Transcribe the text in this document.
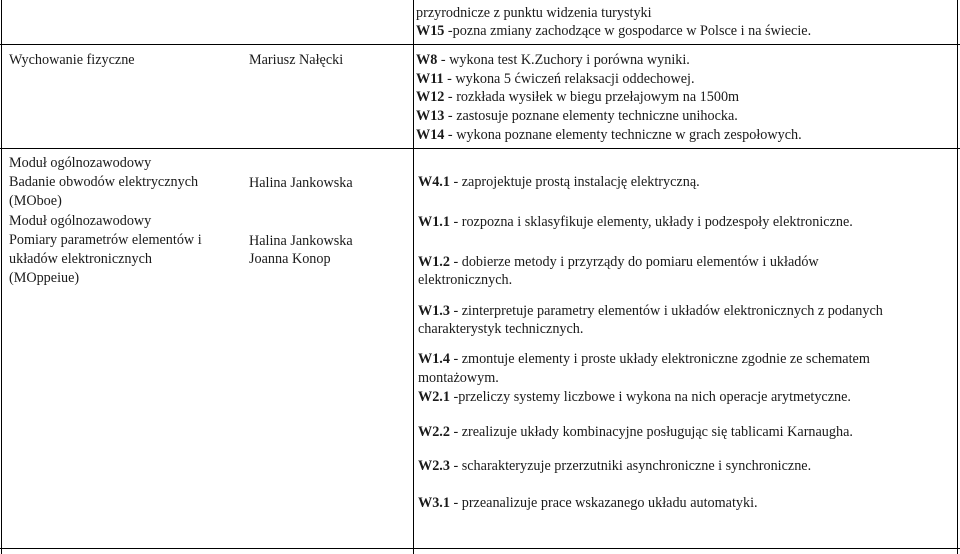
przyrodnicze z punktu widzenia turystyki
W15 -pozna zmiany zachodzące w gospodarce w Polsce i na świecie.
Wychowanie fizyczne	Mariusz Nałęcki	W8 - wykona test K.Zuchory i porówna wyniki.
W11 - wykona 5 ćwiczeń relaksacji oddechowej.
W12 - rozkłada wysiłek w biegu przełajowym na 1500m
W13 - zastosuje poznane elementy techniczne unihocka.
W14 - wykona poznane elementy techniczne w grach zespołowych.
Moduł ogólnozawodowy
Badanie obwodów elektrycznych
(MOboe)
Halina Jankowska
Moduł ogólnozawodowy
Pomiary parametrów elementów i
układów elektronicznych
(MOppeiue)
Halina Jankowska
Joanna Konop
W4.1 - zaprojektuje prostą instalację elektryczną.
W1.1 - rozpozna i sklasyfikuje elementy, układy i podzespoły elektroniczne.
W1.2 - dobierze metody i przyrządy do pomiaru elementów i układów
elektronicznych.
W1.3 - zinterpretuje parametry elementów i układów elektronicznych z podanych
charakterystyk technicznych.
W1.4 - zmontuje elementy i proste układy elektroniczne zgodnie ze schematem
montażowym.
W2.1 -przeliczy systemy liczbowe i wykona na nich operacje arytmetyczne.
W2.2 - zrealizuje układy kombinacyjne posługując się tablicami Karnaugha.
W2.3 - scharakteryzuje przerzutniki asynchroniczne i synchroniczne.
W3.1 - przeanalizuje prace wskazanego układu automatyki.
